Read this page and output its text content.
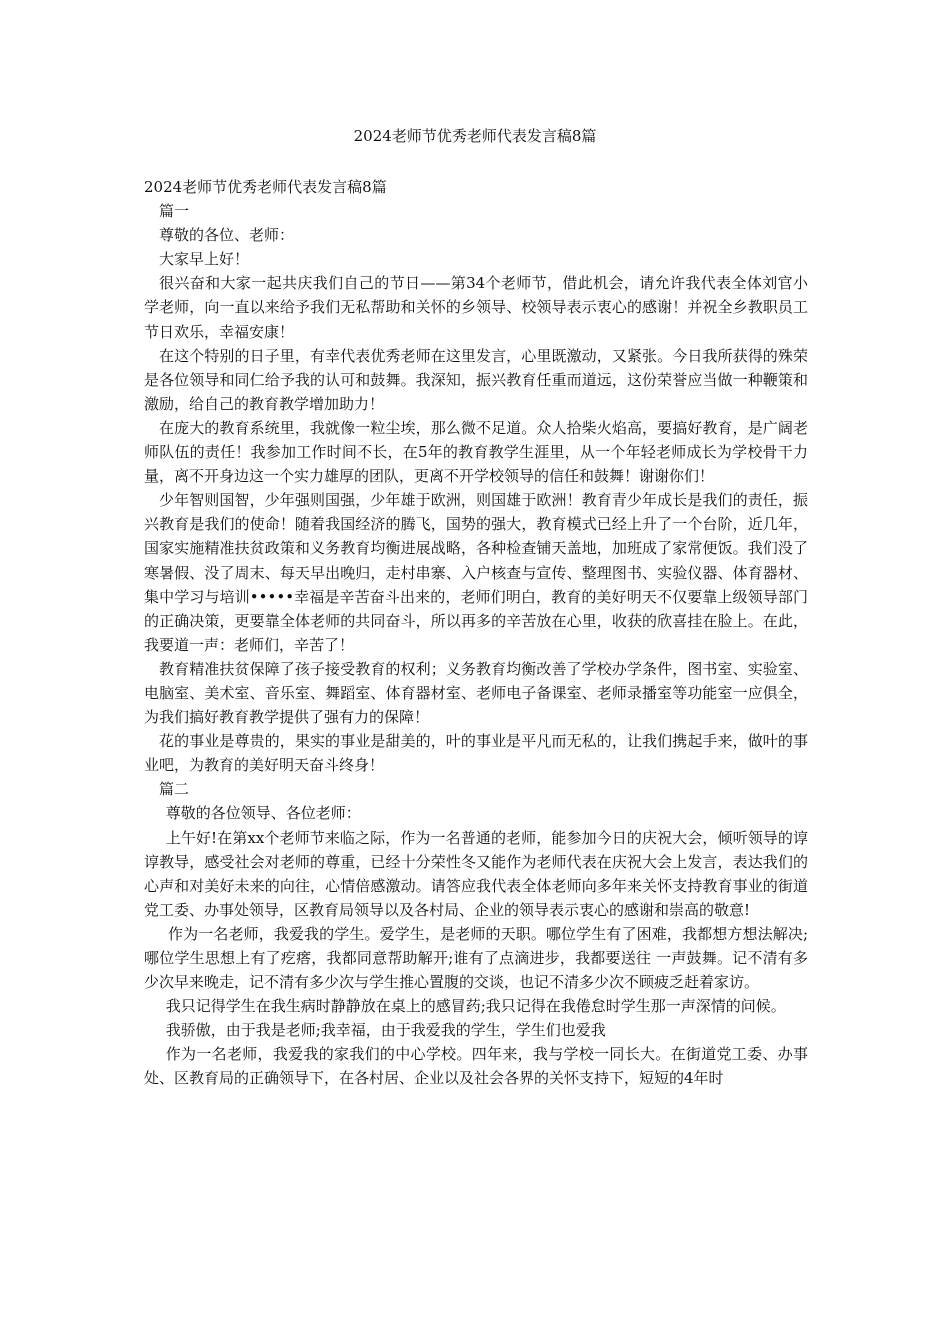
2024老师节优秀老师代表发言稿8篇

2024老师节优秀老师代表发言稿8篇

篇一

尊敬的各位、老师：

大家早上好！

很兴奋和大家一起共庆我们自己的节日——第34个老师节，借此机会，请允许我代表全体刘官小学老师，向一直以来给予我们无私帮助和关怀的乡领导、校领导表示衷心的感谢！并祝全乡教职员工节日欢乐，幸福安康！

在这个特别的日子里，有幸代表优秀老师在这里发言，心里既激动，又紧张。今日我所获得的殊荣是各位领导和同仁给予我的认可和鼓舞。我深知，振兴教育任重而道远，这份荣誉应当做一种鞭策和激励，给自己的教育教学增加助力！

在庞大的教育系统里，我就像一粒尘埃，那么微不足道。众人拾柴火焰高，要搞好教育，是广阔老师队伍的责任！我参加工作时间不长，在5年的教育教学生涯里，从一个年轻老师成长为学校骨干力量，离不开身边这一个实力雄厚的团队，更离不开学校领导的信任和鼓舞！谢谢你们！

少年智则国智，少年强则国强，少年雄于欧洲，则国雄于欧洲！教育青少年成长是我们的责任，振兴教育是我们的使命！随着我国经济的腾飞，国势的强大，教育模式已经上升了一个台阶，近几年，国家实施精准扶贫政策和义务教育均衡进展战略，各种检查铺天盖地，加班成了家常便饭。我们没了寒暑假、没了周末、每天早出晚归，走村串寨、入户核查与宣传、整理图书、实验仪器、体育器材、集中学习与培训•••••幸福是辛苦奋斗出来的，老师们明白，教育的美好明天不仅要靠上级领导部门的正确决策，更要靠全体老师的共同奋斗，所以再多的辛苦放在心里，收获的欣喜挂在脸上。在此，我要道一声：老师们，辛苦了！

教育精准扶贫保障了孩子接受教育的权利；义务教育均衡改善了学校办学条件，图书室、实验室、电脑室、美术室、音乐室、舞蹈室、体育器材室、老师电子备课室、老师录播室等功能室一应俱全，为我们搞好教育教学提供了强有力的保障！

花的事业是尊贵的，果实的事业是甜美的，叶的事业是平凡而无私的，让我们携起手来，做叶的事业吧，为教育的美好明天奋斗终身！

篇二

尊敬的各位领导、各位老师：

上午好!在第xx个老师节来临之际，作为一名普通的老师，能参加今日的庆祝大会，倾听领导的谆谆教导，感受社会对老师的尊重，已经十分荣性冬又能作为老师代表在庆祝大会上发言，表达我们的心声和对美好未来的向往，心情倍感激动。请答应我代表全体老师向多年来关怀支持教育事业的街道党工委、办事处领导，区教育局领导以及各村局、企业的领导表示衷心的感谢和崇高的敬意!

作为一名老师，我爱我的学生。爱学生，是老师的天职。哪位学生有了困难，我都想方想法解决;哪位学生思想上有了疙瘩，我都同意帮助解开;谁有了点滴进步，我都要送往 一声鼓舞。记不清有多少次早来晚走，记不清有多少次与学生推心置腹的交谈，也记不清多少次不顾疲乏赶着家访。

我只记得学生在我生病时静静放在桌上的感冒药;我只记得在我倦怠时学生那一声深情的问候。

我骄傲，由于我是老师;我幸福，由于我爱我的学生，学生们也爱我

作为一名老师，我爱我的家我们的中心学校。四年来，我与学校一同长大。在街道党工委、办事处、区教育局的正确领导下，在各村居、企业以及社会各界的关怀支持下，短短的4年时
